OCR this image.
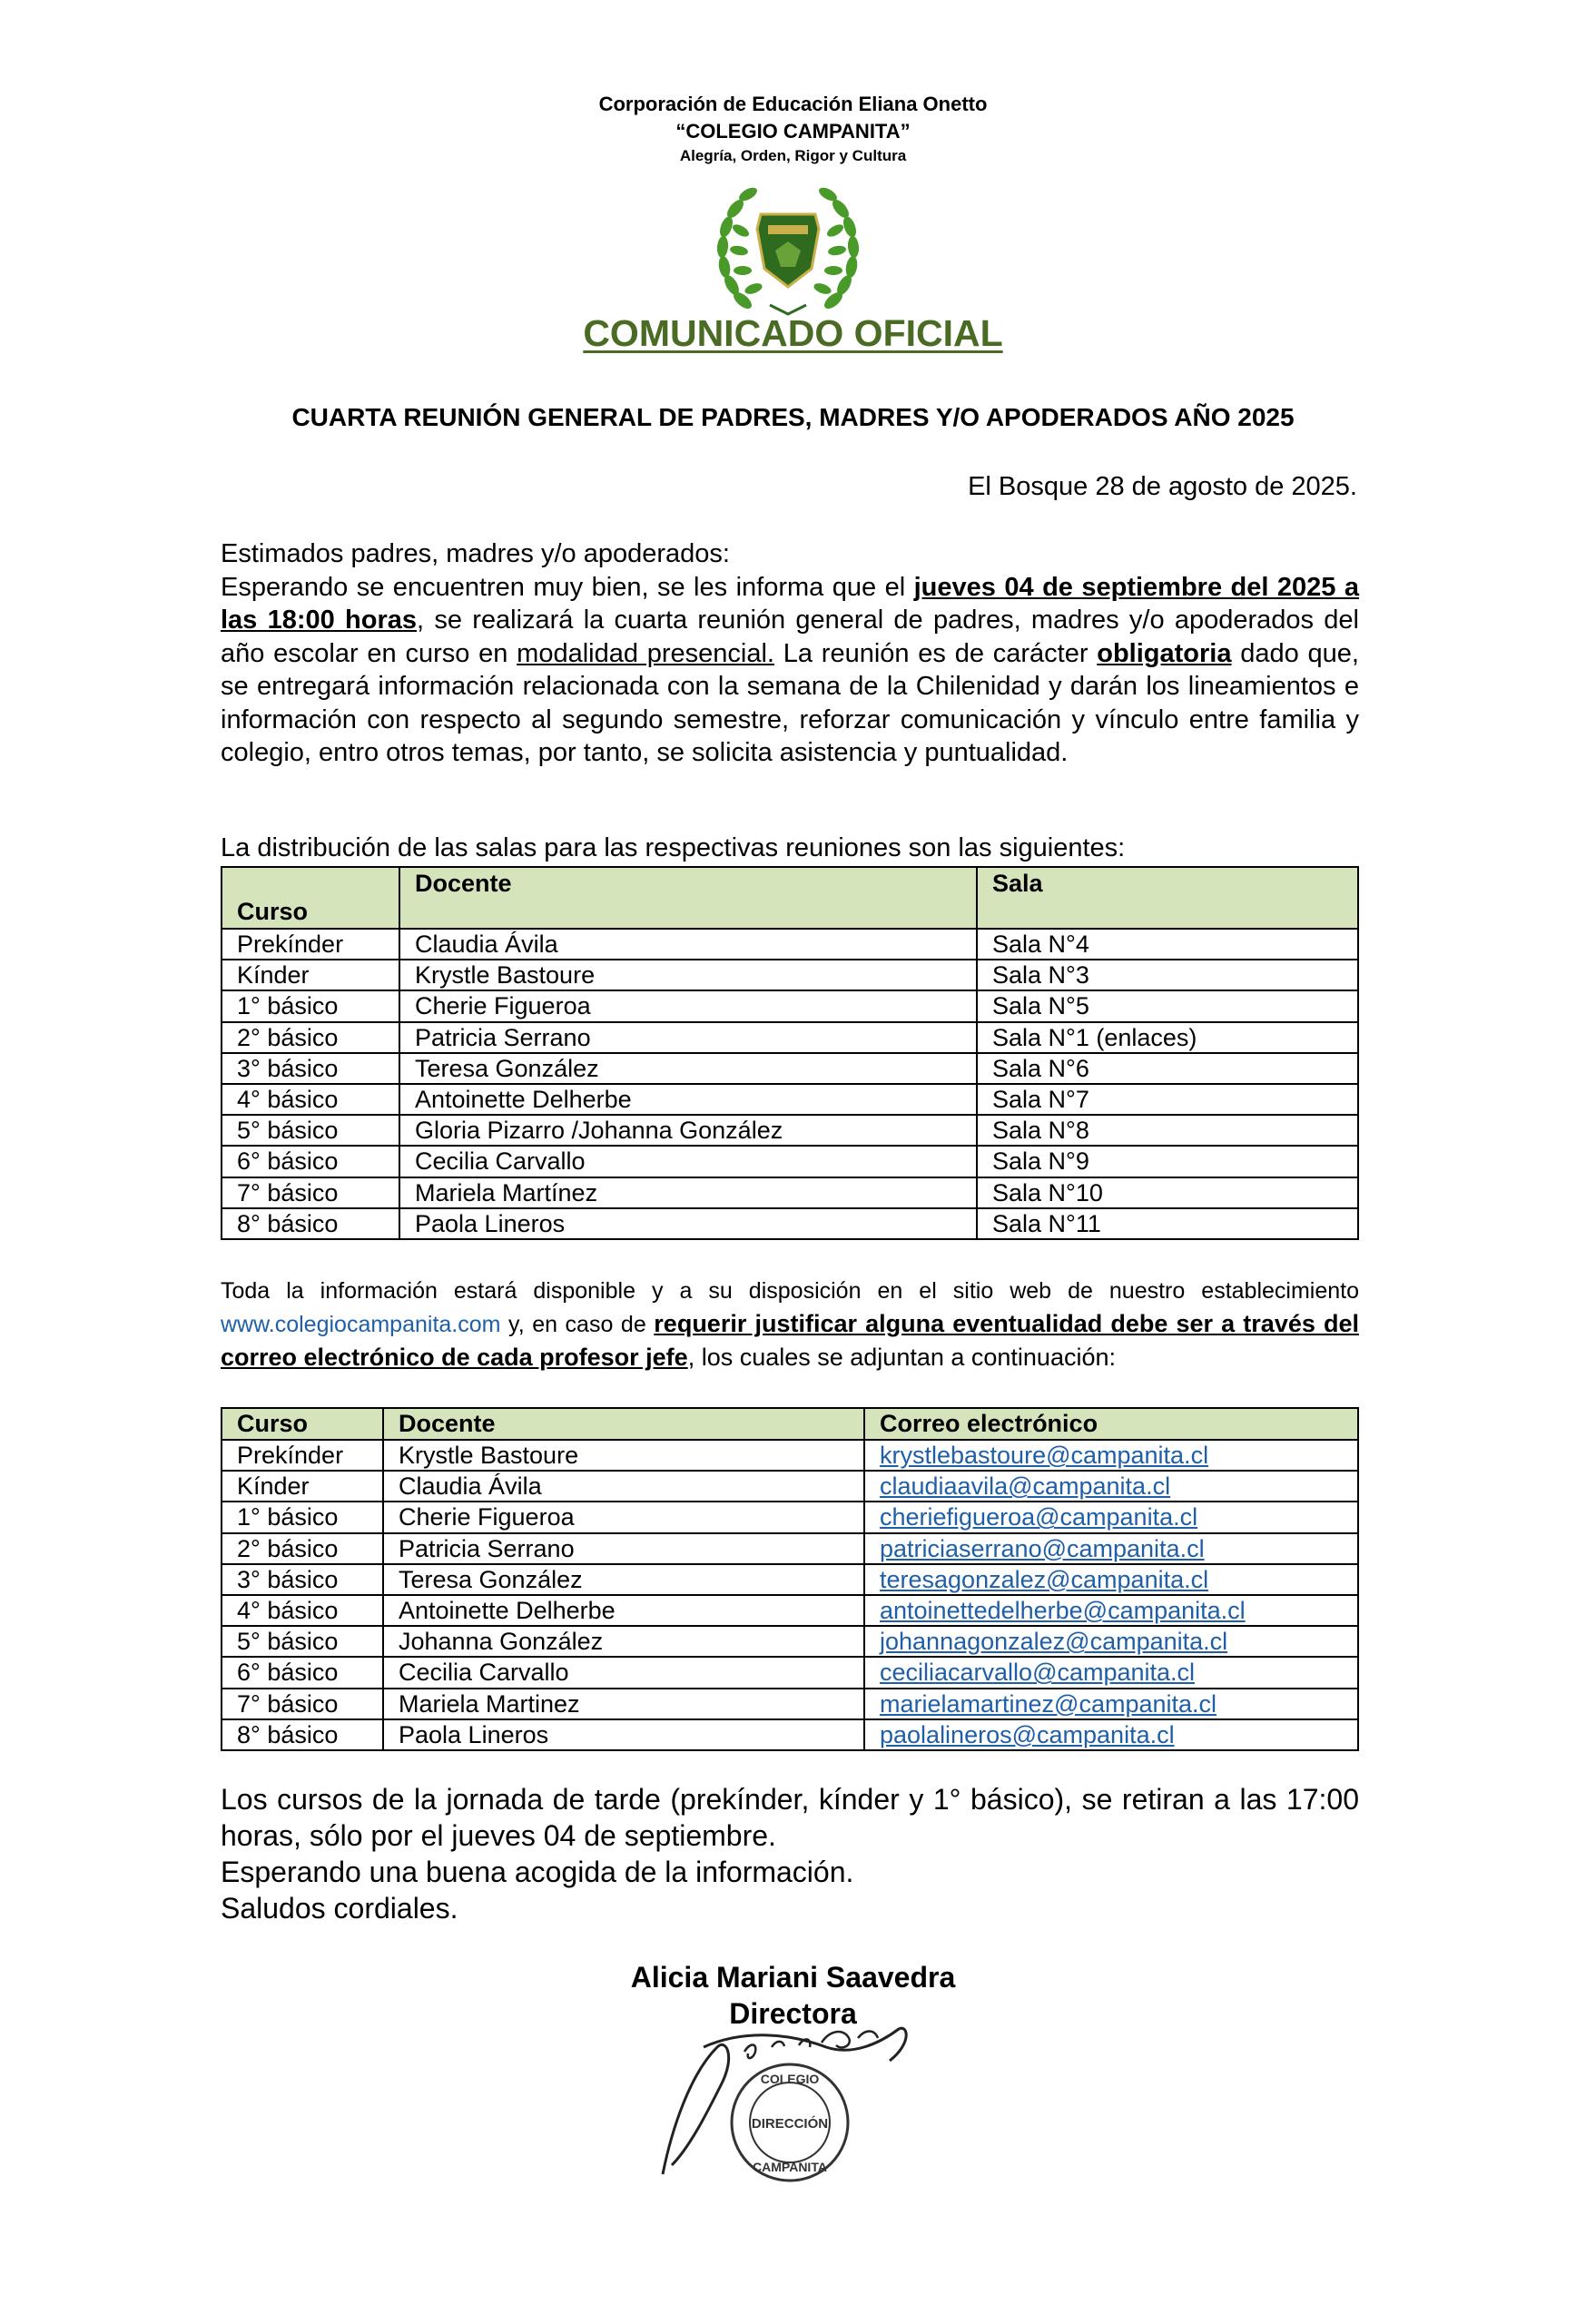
Corporación de Educación Eliana Onetto
“COLEGIO CAMPANITA”
Alegría, Orden, Rigor y Cultura
COMUNICADO OFICIAL
CUARTA REUNIÓN GENERAL DE PADRES, MADRES Y/O APODERADOS AÑO 2025
El Bosque 28 de agosto de 2025.
Estimados padres, madres y/o apoderados:
Esperando se encuentren muy bien, se les informa que el jueves 04 de septiembre del 2025 a las 18:00 horas, se realizará la cuarta reunión general de padres, madres y/o apoderados del año escolar en curso en modalidad presencial. La reunión es de carácter obligatoria dado que, se entregará información relacionada con la semana de la Chilenidad y darán los lineamientos e información con respecto al segundo semestre, reforzar comunicación y vínculo entre familia y colegio, entro otros temas, por tanto, se solicita asistencia y puntualidad.
La distribución de las salas para las respectivas reuniones son las siguientes:
Curso	Docente	Sala
Prekínder	Claudia Ávila	Sala N°4
Kínder	Krystle Bastoure	Sala N°3
1° básico	Cherie Figueroa	Sala N°5
2° básico	Patricia Serrano	Sala N°1 (enlaces)
3° básico	Teresa González	Sala N°6
4° básico	Antoinette Delherbe	Sala N°7
5° básico	Gloria Pizarro /Johanna González	Sala N°8
6° básico	Cecilia Carvallo	Sala N°9
7° básico	Mariela Martínez	Sala N°10
8° básico	Paola Lineros	Sala N°11
Toda la información estará disponible y a su disposición en el sitio web de nuestro establecimiento www.colegiocampanita.com y, en caso de requerir justificar alguna eventualidad debe ser a través del correo electrónico de cada profesor jefe, los cuales se adjuntan a continuación:
Curso	Docente	Correo electrónico
Prekínder	Krystle Bastoure	krystlebastoure@campanita.cl
Kínder	Claudia Ávila	claudiaavila@campanita.cl
1° básico	Cherie Figueroa	cheriefigueroa@campanita.cl
2° básico	Patricia Serrano	patriciaserrano@campanita.cl
3° básico	Teresa González	teresagonzalez@campanita.cl
4° básico	Antoinette Delherbe	antoinettedelherbe@campanita.cl
5° básico	Johanna González	johannagonzalez@campanita.cl
6° básico	Cecilia Carvallo	ceciliacarvallo@campanita.cl
7° básico	Mariela Martinez	marielamartinez@campanita.cl
8° básico	Paola Lineros	paolalineros@campanita.cl
Los cursos de la jornada de tarde (prekínder, kínder y 1° básico), se retiran a las 17:00 horas, sólo por el jueves 04 de septiembre.
Esperando una buena acogida de la información.
Saludos cordiales.
Alicia Mariani Saavedra
Directora
COLEGIO
DIRECCIÓN
CAMPANITA
